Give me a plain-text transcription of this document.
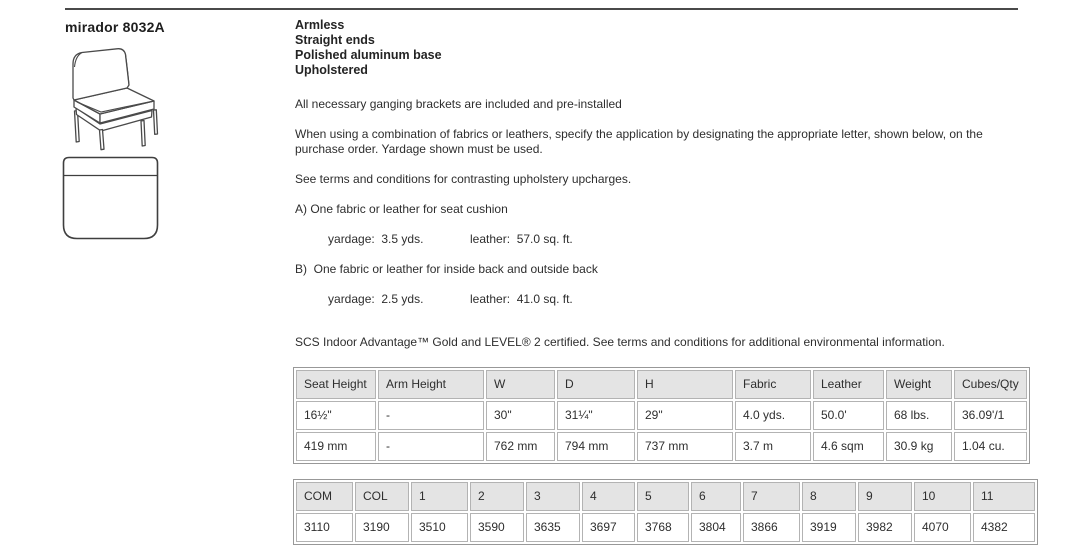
mirador 8032A	Armless
Straight ends
Polished aluminum base
Upholstered
All necessary ganging brackets are included and pre-installed
When using a combination of fabrics or leathers, specify the application by designating the appropriate letter, shown below, on the purchase order. Yardage shown must be used.
See terms and conditions for contrasting upholstery upcharges.
A) One fabric or leather for seat cushion

yardage:  3.5 yds.	leather:  57.0 sq. ft.

B)  One fabric or leather for inside back and outside back

yardage:  2.5 yds.	leather:  41.0 sq. ft.

SCS Indoor Advantage™ Gold and LEVEL® 2 certified. See terms and conditions for additional environmental information.
Seat Height	Arm Height	W	D	H	Fabric	Leather	Weight	Cubes/Qty
16½"	-	30"	31¼"	29"	4.0 yds.	50.0'	68 lbs.	36.09'/1
419 mm	-	762 mm	794 mm	737 mm	3.7 m	4.6 sqm	30.9 kg	1.04 cu.
COM	COL	1	2	3	4	5	6	7	8	9	10	11
3110	3190	3510	3590	3635	3697	3768	3804	3866	3919	3982	4070	4382
